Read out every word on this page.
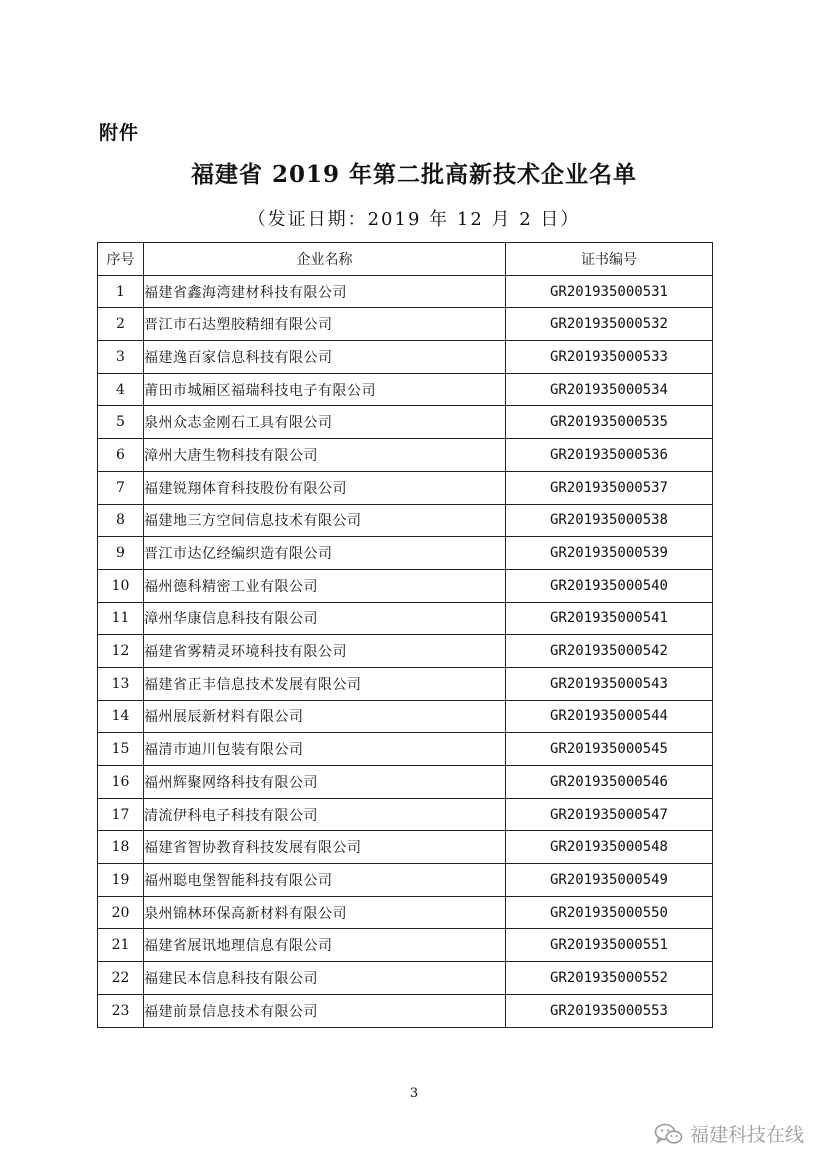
附件
福建省 2019 年第二批高新技术企业名单
（发证日期：2019 年 12 月 2 日）
序号	企业名称	证书编号
1	福建省鑫海湾建材科技有限公司	GR201935000531
2	晋江市石达塑胶精细有限公司	GR201935000532
3	福建逸百家信息科技有限公司	GR201935000533
4	莆田市城厢区福瑞科技电子有限公司	GR201935000534
5	泉州众志金刚石工具有限公司	GR201935000535
6	漳州大唐生物科技有限公司	GR201935000536
7	福建锐翔体育科技股份有限公司	GR201935000537
8	福建地三方空间信息技术有限公司	GR201935000538
9	晋江市达亿经编织造有限公司	GR201935000539
10	福州德科精密工业有限公司	GR201935000540
11	漳州华康信息科技有限公司	GR201935000541
12	福建省雾精灵环境科技有限公司	GR201935000542
13	福建省正丰信息技术发展有限公司	GR201935000543
14	福州展辰新材料有限公司	GR201935000544
15	福清市迪川包装有限公司	GR201935000545
16	福州辉聚网络科技有限公司	GR201935000546
17	清流伊科电子科技有限公司	GR201935000547
18	福建省智协教育科技发展有限公司	GR201935000548
19	福州聪电堡智能科技有限公司	GR201935000549
20	泉州锦林环保高新材料有限公司	GR201935000550
21	福建省展讯地理信息有限公司	GR201935000551
22	福建民本信息科技有限公司	GR201935000552
23	福建前景信息技术有限公司	GR201935000553
3
福建科技在线
